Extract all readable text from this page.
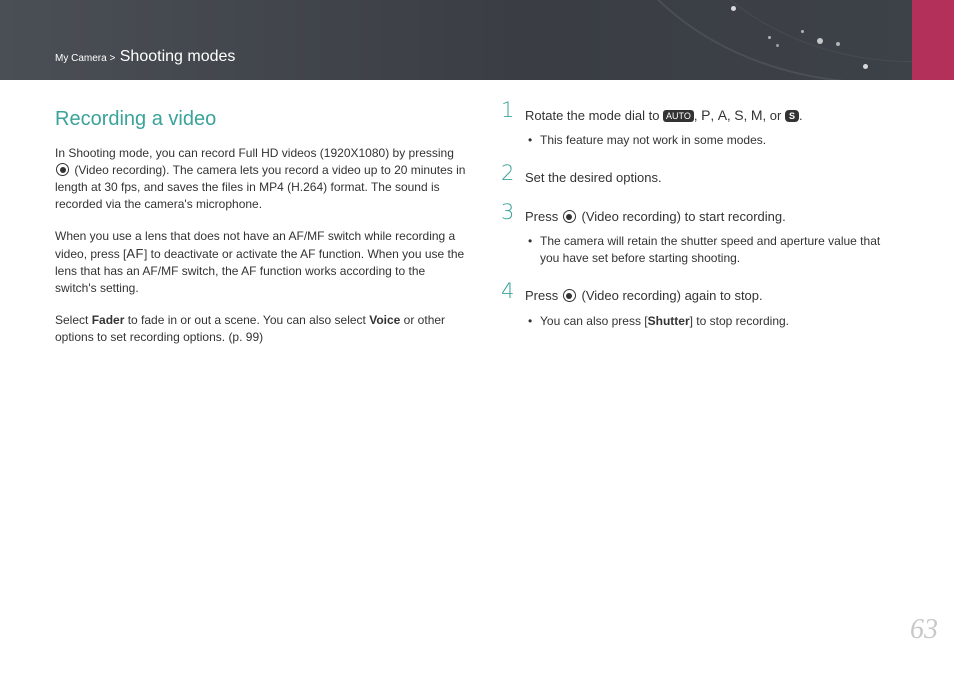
My Camera > Shooting modes
Recording a video

In Shooting mode, you can record Full HD videos (1920X1080) by pressing
(Video recording). The camera lets you record a video up to 20 minutes in length at 30 fps, and saves the files in MP4 (H.264) format. The sound is recorded via the camera's microphone.

When you use a lens that does not have an AF/MF switch while recording a video, press [AF] to deactivate or activate the AF function. When you use the lens that has an AF/MF switch, the AF function works according to the switch's setting.

Select Fader to fade in or out a scene. You can also select Voice or other options to set recording options. (p. 99)

1 Rotate the mode dial to AUTO , P, A, S, M, or S .
• This feature may not work in some modes.
2 Set the desired options.
3 Press (Video recording) to start recording.
• The camera will retain the shutter speed and aperture value that you have set before starting shooting.
4 Press (Video recording) again to stop.
• You can also press [Shutter] to stop recording.
63
